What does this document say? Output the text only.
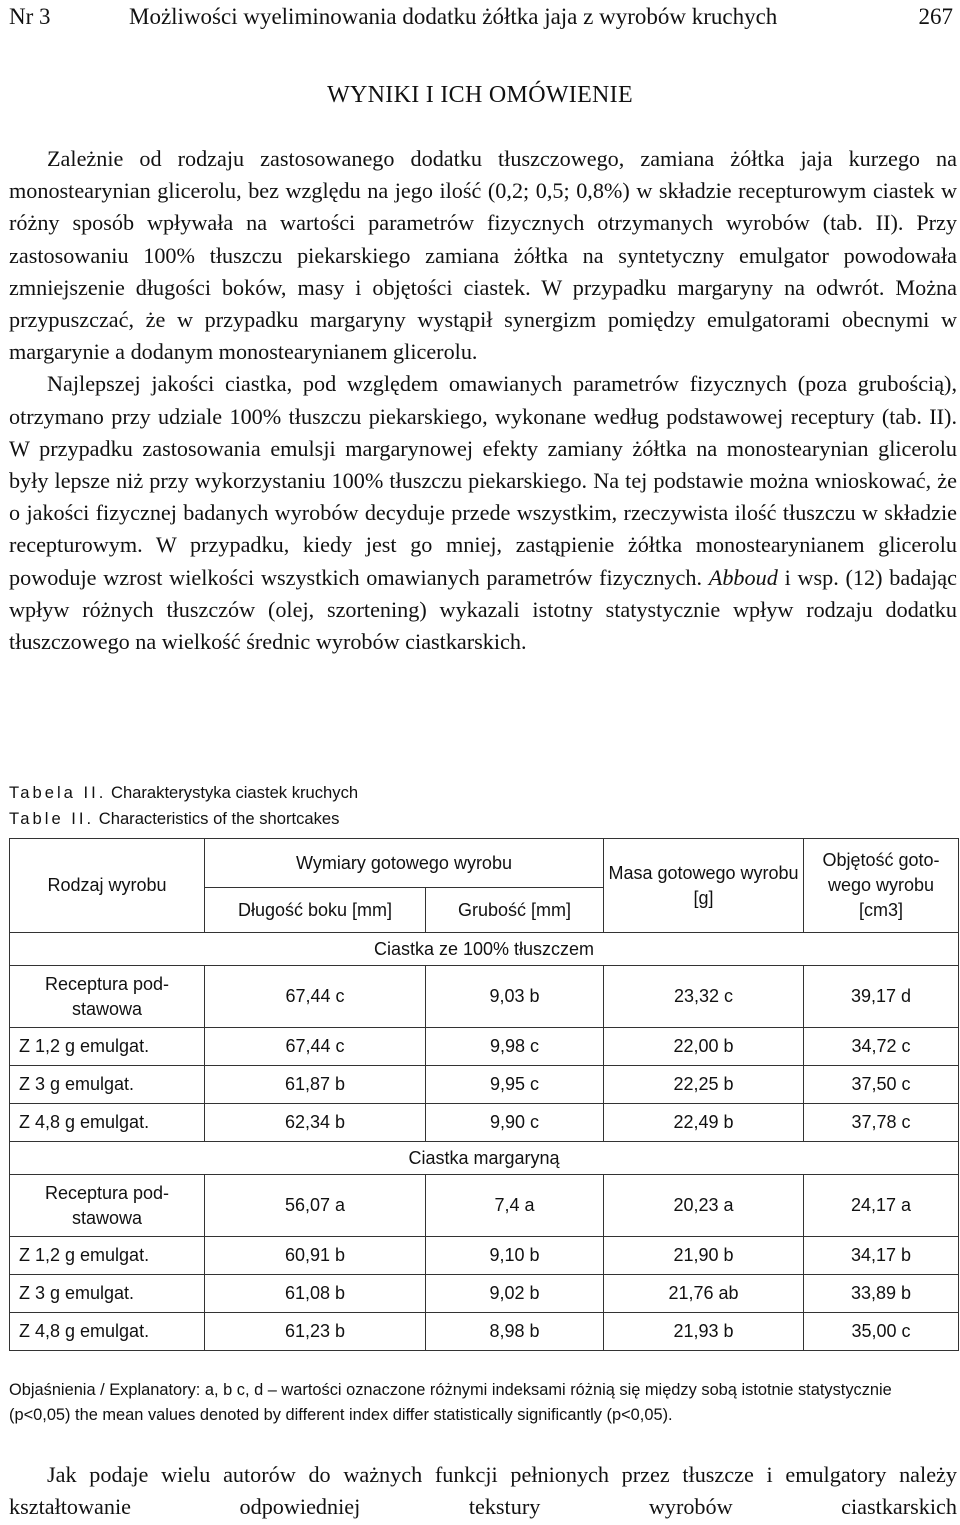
Nr 3	Możliwości wyeliminowania dodatku żółtka jaja z wyrobów kruchych	267
WYNIKI I ICH OMÓWIENIE

Zależnie od rodzaju zastosowanego dodatku tłuszczowego, zamiana żółtka jaja kurzego na monostearynian glicerolu, bez względu na jego ilość (0,2; 0,5; 0,8%) w składzie recepturowym ciastek w różny sposób wpływała na wartości parametrów fizycznych otrzymanych wyrobów (tab. II). Przy zastosowaniu 100% tłuszczu piekarskiego zamiana żółtka na syntetyczny emulgator powodowała zmniejszenie długości boków, masy i objętości ciastek. W przypadku margaryny na odwrót. Można przypuszczać, że w przypadku margaryny wystąpił synergizm pomiędzy emulgatorami obecnymi w margarynie a dodanym monostearynianem glicerolu.

Najlepszej jakości ciastka, pod względem omawianych parametrów fizycznych (poza grubością), otrzymano przy udziale 100% tłuszczu piekarskiego, wykonane według podstawowej receptury (tab. II). W przypadku zastosowania emulsji margarynowej efekty zamiany żółtka na monostearynian glicerolu były lepsze niż przy wykorzystaniu 100% tłuszczu piekarskiego. Na tej podstawie można wnioskować, że o jakości fizycznej badanych wyrobów decyduje przede wszystkim, rzeczywista ilość tłuszczu w składzie recepturowym. W przypadku, kiedy jest go mniej, zastąpienie żółtka monostearynianem glicerolu powoduje wzrost wielkości wszystkich omawianych parametrów fizycznych. Abboud i wsp. (12) badając wpływ różnych tłuszczów (olej, szortening) wykazali istotny statystycznie wpływ rodzaju dodatku tłuszczowego na wielkość średnic wyrobów ciastkarskich.

Tabela II. Charakterystyka ciastek kruchych
Table II. Characteristics of the shortcakes
Rodzaj wyrobu	Wymiary gotowego wyrobu		Masa gotowego wyrobu [g]	Objętość gotowego wyrobu [cm3]
	Długość boku [mm]	Grubość [mm]		
Ciastka ze 100% tłuszczem				
Receptura podstawowa	67,44 c	9,03 b	23,32 c	39,17 d
Z 1,2 g emulgat.	67,44 c	9,98 c	22,00 b	34,72 c
Z 3 g emulgat.	61,87 b	9,95 c	22,25 b	37,50 c
Z 4,8 g emulgat.	62,34 b	9,90 c	22,49 b	37,78 c
Ciastka margaryną				
Receptura podstawowa	56,07 a	7,4 a	20,23 a	24,17 a
Z 1,2 g emulgat.	60,91 b	9,10 b	21,90 b	34,17 b
Z 3 g emulgat.	61,08 b	9,02 b	21,76 ab	33,89 b
Z 4,8 g emulgat.	61,23 b	8,98 b	21,93 b	35,00 c

Objaśnienia / Explanatory: a, b c, d – wartości oznaczone różnymi indeksami różnią się między sobą istotnie statystycznie (p<0,05) the mean values denoted by different index differ statistically significantly (p<0,05).

Jak podaje wielu autorów do ważnych funkcji pełnionych przez tłuszcze i emulgatory należy kształtowanie odpowiedniej tekstury wyrobów ciastkarskich
